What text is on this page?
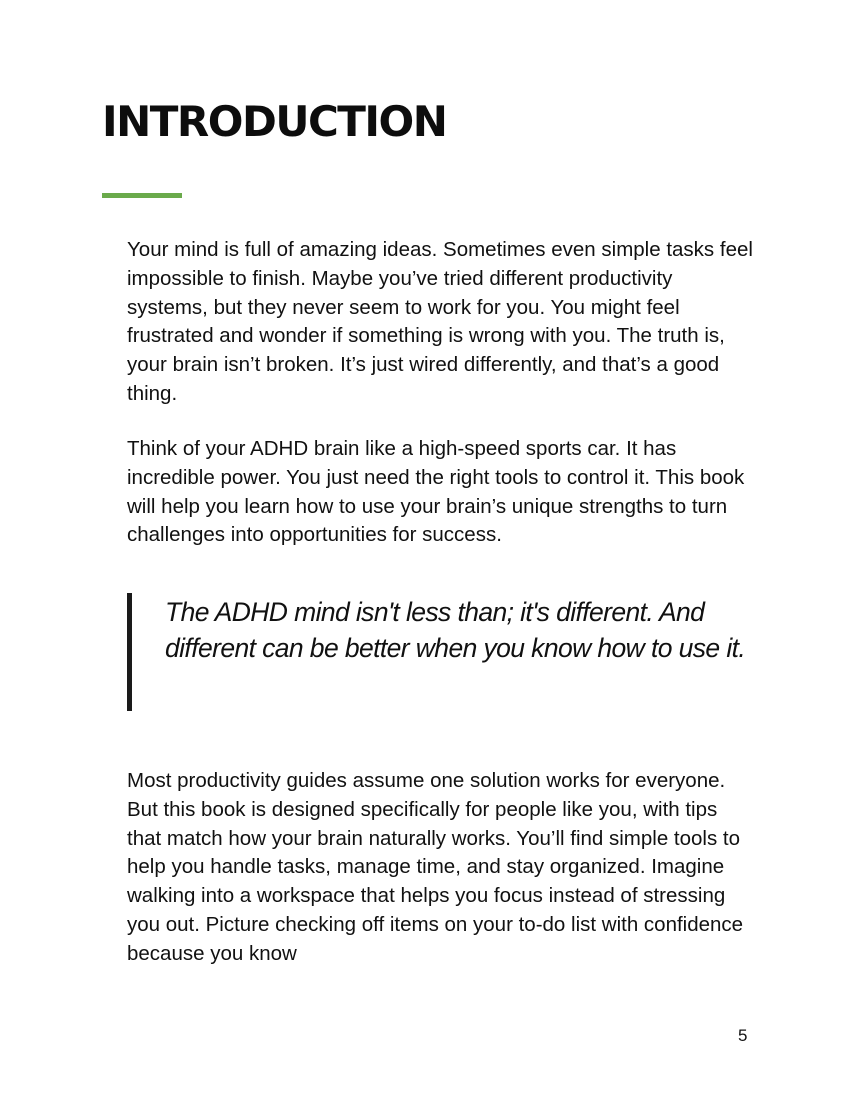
INTRODUCTION

Your mind is full of amazing ideas. Sometimes even simple tasks feel impossible to finish. Maybe you’ve tried different productivity systems, but they never seem to work for you. You might feel frustrated and wonder if something is wrong with you. The truth is, your brain isn’t broken. It’s just wired differently, and that’s a good thing.

Think of your ADHD brain like a high-speed sports car. It has incredible power. You just need the right tools to control it. This book will help you learn how to use your brain’s unique strengths to turn challenges into opportunities for success.

The ADHD mind isn't less than; it's different. And different can be better when you know how to use it.

Most productivity guides assume one solution works for everyone. But this book is designed specifically for people like you, with tips that match how your brain naturally works. You’ll find simple tools to help you handle tasks, manage time, and stay organized. Imagine walking into a workspace that helps you focus instead of stressing you out. Picture checking off items on your to-do list with confidence because you know

5
